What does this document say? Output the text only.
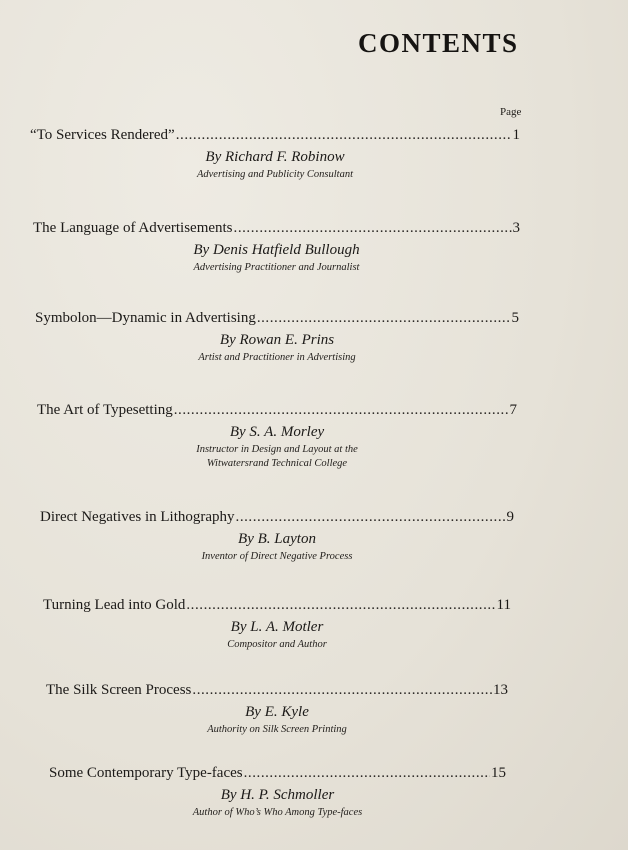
CONTENTS
Page
“To Services Rendered” . . .	1
By Richard F. Robinow
Advertising and Publicity Consultant
The Language of Advertisements . . .	3
By Denis Hatfield Bullough
Advertising Practitioner and Journalist
Symbolon—Dynamic in Advertising . . .	5
By Rowan E. Prins
Artist and Practitioner in Advertising
The Art of Typesetting . . .	7
By S. A. Morley
Instructor in Design and Layout at the
Witwatersrand Technical College
Direct Negatives in Lithography . . .	9
By B. Layton
Inventor of Direct Negative Process
Turning Lead into Gold . . .	11
By L. A. Motler
Compositor and Author
The Silk Screen Process . . .	13
By E. Kyle
Authority on Silk Screen Printing
Some Contemporary Type-faces . . .	15
By H. P. Schmoller
Author of Who’s Who Among Type-faces
